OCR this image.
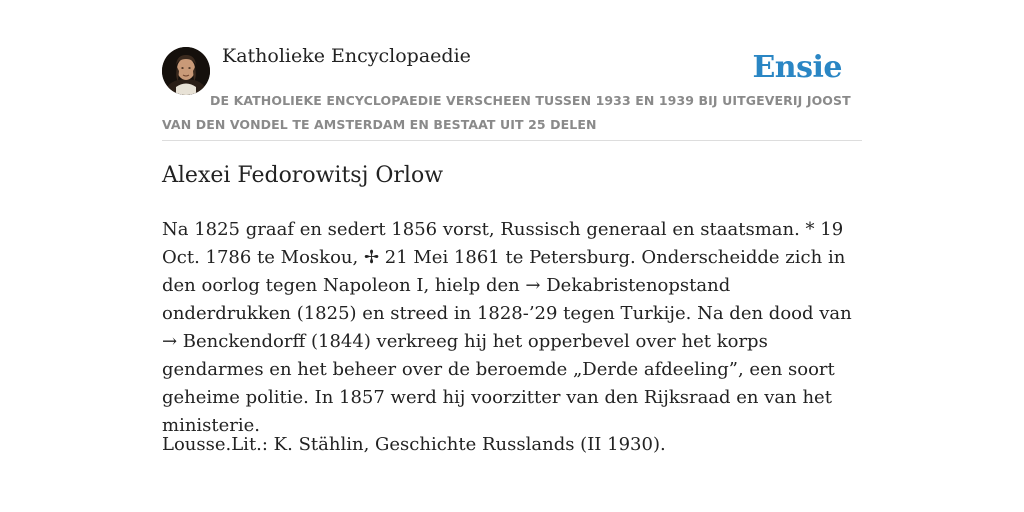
Katholieke Encyclopaedie	Ensie
DE KATHOLIEKE ENCYCLOPAEDIE VERSCHEEN TUSSEN 1933 EN 1939 BIJ UITGEVERIJ JOOST VAN DEN VONDEL TE AMSTERDAM EN BESTAAT UIT 25 DELEN
Alexei Fedorowitsj Orlow

Na 1825 graaf en sedert 1856 vorst, Russisch generaal en staatsman. * 19 Oct. 1786 te Moskou, ✢ 21 Mei 1861 te Petersburg. Onderscheidde zich in den oorlog tegen Napoleon I, hielp den → Dekabristenopstand onderdrukken (1825) en streed in 1828-’29 tegen Turkije. Na den dood van → Benckendorff (1844) verkreeg hij het opperbevel over het korps gendarmes en het beheer over de beroemde „Derde afdeeling”, een soort geheime politie. In 1857 werd hij voorzitter van den Rijksraad en van het ministerie.

Lousse.Lit.: K. Stählin, Geschichte Russlands (II 1930).
